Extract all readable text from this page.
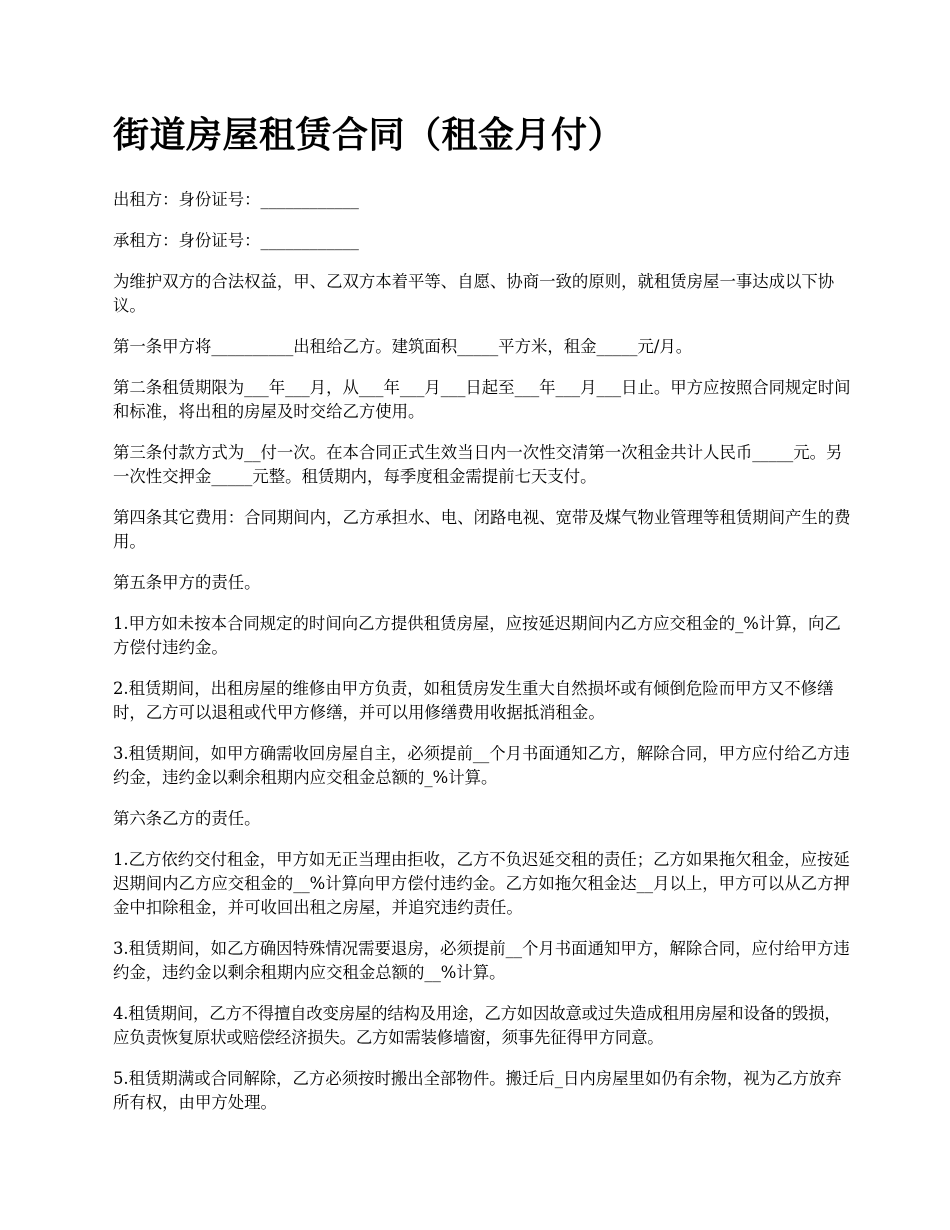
街道房屋租赁合同（租金月付）

出租方：身份证号：____________

承租方：身份证号：____________

为维护双方的合法权益，甲、乙双方本着平等、自愿、协商一致的原则，就租赁房屋一事达成以下协议。

第一条甲方将__________出租给乙方。建筑面积_____平方米，租金_____元/月。

第二条租赁期限为___年___月，从___年___月___日起至___年___月___日止。甲方应按照合同规定时间和标准，将出租的房屋及时交给乙方使用。

第三条付款方式为__付一次。在本合同正式生效当日内一次性交清第一次租金共计人民币_____元。另一次性交押金_____元整。租赁期内，每季度租金需提前七天支付。

第四条其它费用：合同期间内，乙方承担水、电、闭路电视、宽带及煤气物业管理等租赁期间产生的费用。

第五条甲方的责任。

1.甲方如未按本合同规定的时间向乙方提供租赁房屋，应按延迟期间内乙方应交租金的_%计算，向乙方偿付违约金。

2.租赁期间，出租房屋的维修由甲方负责，如租赁房发生重大自然损坏或有倾倒危险而甲方又不修缮时，乙方可以退租或代甲方修缮，并可以用修缮费用收据抵消租金。

3.租赁期间，如甲方确需收回房屋自主，必须提前__个月书面通知乙方，解除合同，甲方应付给乙方违约金，违约金以剩余租期内应交租金总额的_%计算。

第六条乙方的责任。

1.乙方依约交付租金，甲方如无正当理由拒收，乙方不负迟延交租的责任；乙方如果拖欠租金，应按延迟期间内乙方应交租金的__%计算向甲方偿付违约金。乙方如拖欠租金达__月以上，甲方可以从乙方押金中扣除租金，并可收回出租之房屋，并追究违约责任。

3.租赁期间，如乙方确因特殊情况需要退房，必须提前__个月书面通知甲方，解除合同，应付给甲方违约金，违约金以剩余租期内应交租金总额的__%计算。

4.租赁期间，乙方不得擅自改变房屋的结构及用途，乙方如因故意或过失造成租用房屋和设备的毁损，应负责恢复原状或赔偿经济损失。乙方如需装修墙窗，须事先征得甲方同意。

5.租赁期满或合同解除，乙方必须按时搬出全部物件。搬迁后_日内房屋里如仍有余物，视为乙方放弃所有权，由甲方处理。
